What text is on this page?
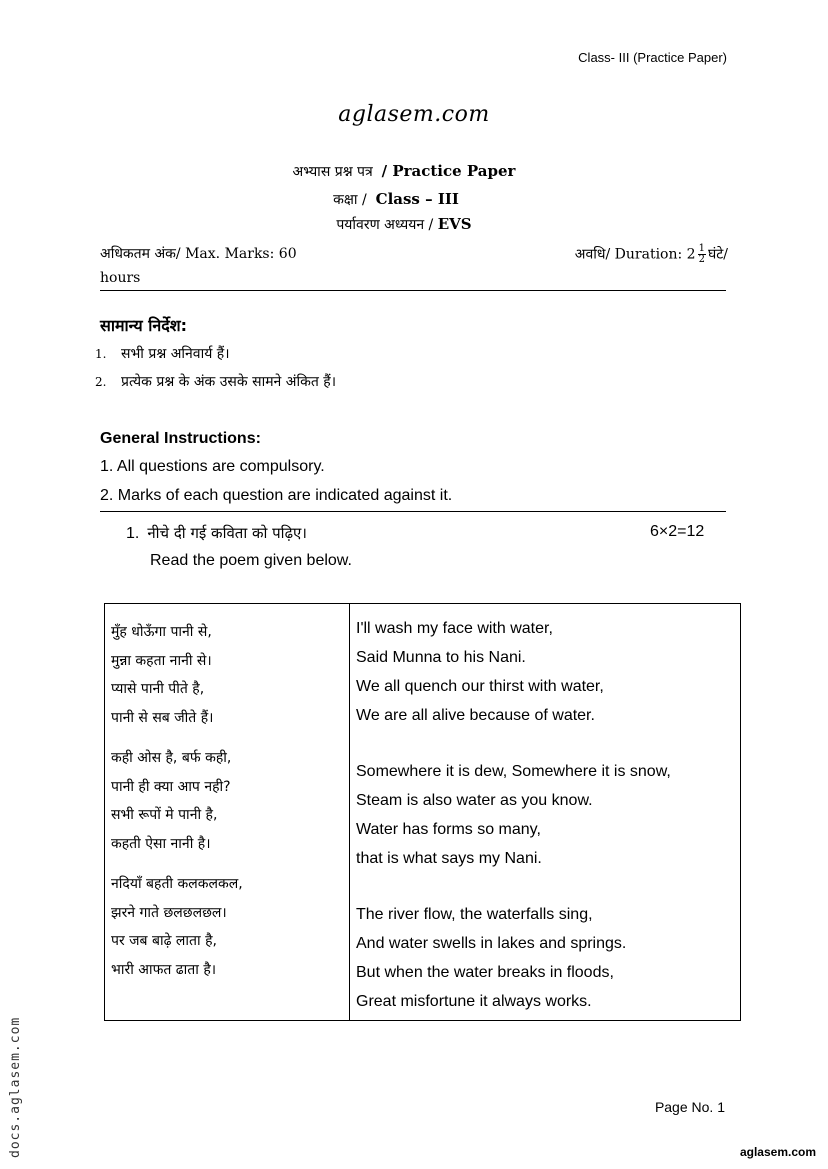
Class- III (Practice Paper)
aglasem.com
अभ्यास प्रश्न पत्र / Practice Paper
कक्षा / Class – III
पर्यावरण अध्ययन / EVS
अधिकतम अंक/ Max. Marks: 60	अवधि/ Duration: $2 \frac{1}{2}$ घंटे/
hours
सामान्य निर्देश:
1. सभी प्रश्न अनिवार्य हैं।
2. प्रत्येक प्रश्न के अंक उसके सामने अंकित हैं।
General Instructions:
1. All questions are compulsory.
2. Marks of each question are indicated against it.
1. नीचे दी गई कविता को पढ़िए।	6×2=12
Read the poem given below.
मुँह धोऊँगा पानी से,
मुन्ना कहता नानी से।
प्यासे पानी पीते है,
पानी से सब जीते हैं।
कही ओस है, बर्फ कही,
पानी ही क्या आप नही?
सभी रूपों मे पानी है,
कहती ऐसा नानी है।
नदियाँ बहती कलकलकल,
झरने गाते छलछलछल।
पर जब बाढ़े लाता है,
भारी आफत ढाता है।
I'll wash my face with water,
Said Munna to his Nani.
We all quench our thirst with water,
We are all alive because of water.
Somewhere it is dew, Somewhere it is snow,
Steam is also water as you know.
Water has forms so many,
that is what says my Nani.
The river flow, the waterfalls sing,
And water swells in lakes and springs.
But when the water breaks in floods,
Great misfortune it always works.
docs.aglasem.com	Page No. 1
aglasem.com
